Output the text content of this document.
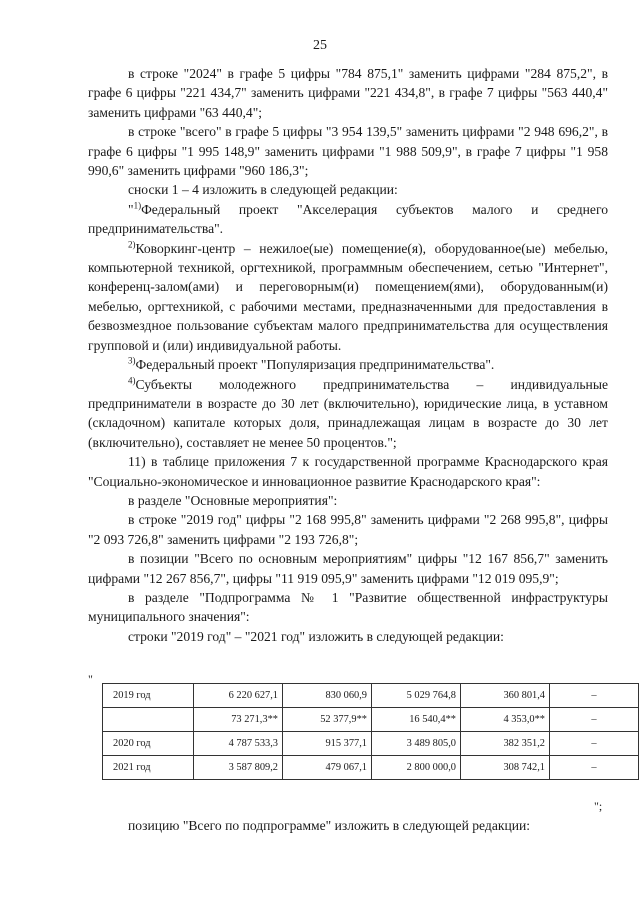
25

в строке "2024" в графе 5 цифры "784 875,1" заменить цифрами "284 875,2", в графе 6 цифры "221 434,7" заменить цифрами "221 434,8", в графе 7 цифры "563 440,4" заменить цифрами "63 440,4";

в строке "всего" в графе 5 цифры "3 954 139,5" заменить цифрами "2 948 696,2", в графе 6 цифры "1 995 148,9" заменить цифрами "1 988 509,9", в графе 7 цифры "1 958 990,6" заменить цифрами "960 186,3";

сноски 1 – 4 изложить в следующей редакции:

"$^{1)}$Федеральный проект "Акселерация субъектов малого и среднего предпринимательства".

$^{2)}$Коворкинг-центр – нежилое(ые) помещение(я), оборудованное(ые) мебелью, компьютерной техникой, оргтехникой, программным обеспечением, сетью "Интернет", конференц-залом(ами) и переговорным(и) помещением(ями), оборудованным(и) мебелью, оргтехникой, с рабочими местами, предназначенными для предоставления в безвозмездное пользование субъектам малого предпринимательства для осуществления групповой и (или) индивидуальной работы.

$^{3)}$Федеральный проект "Популяризация предпринимательства".

$^{4)}$Субъекты молодежного предпринимательства – индивидуальные предприниматели в возрасте до 30 лет (включительно), юридические лица, в уставном (складочном) капитале которых доля, принадлежащая лицам в возрасте до 30 лет (включительно), составляет не менее 50 процентов.";

11) в таблице приложения 7 к государственной программе Краснодарского края "Социально-экономическое и инновационное развитие Краснодарского края":

в разделе "Основные мероприятия":

в строке "2019 год" цифры "2 168 995,8" заменить цифрами "2 268 995,8", цифры "2 093 726,8" заменить цифрами "2 193 726,8";

в позиции "Всего по основным мероприятиям" цифры "12 167 856,7" заменить цифрами "12 267 856,7", цифры "11 919 095,9" заменить цифрами "12 019 095,9";

в разделе "Подпрограмма № 1 "Развитие общественной инфраструктуры муниципального значения":

строки "2019 год" – "2021 год" изложить в следующей редакции:

"
2019 год	6 220 627,1	830 060,9	5 029 764,8	360 801,4	–
	73 271,3**	52 377,9**	16 540,4**	4 353,0**	–
2020 год	4 787 533,3	915 377,1	3 489 805,0	382 351,2	–
2021 год	3 587 809,2	479 067,1	2 800 000,0	308 742,1	–
";
позицию "Всего по подпрограмме" изложить в следующей редакции:
